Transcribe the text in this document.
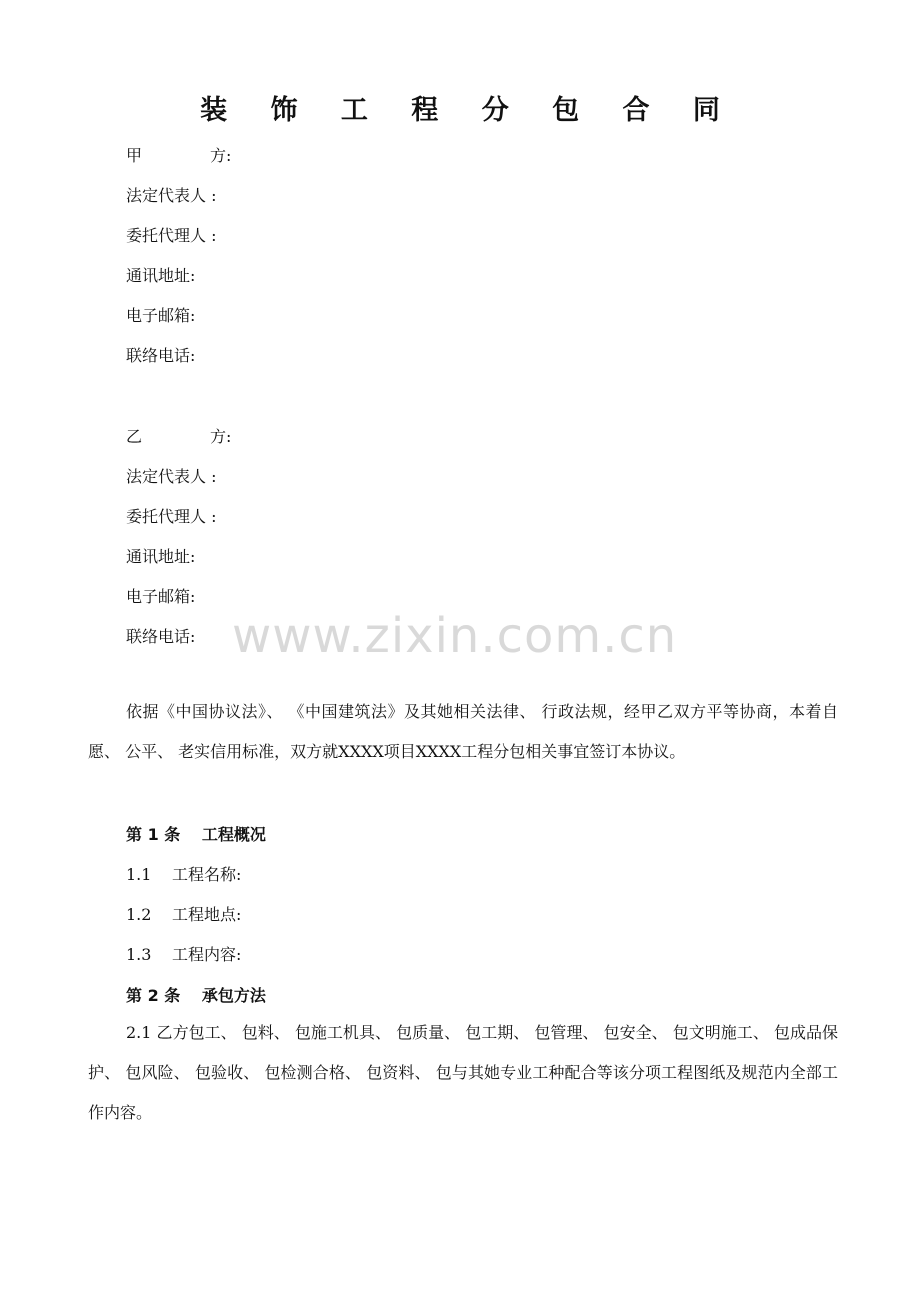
装 饰 工 程 分 包 合 同
甲	方:
法定代表人 :
委托代理人 :
通讯地址:
电子邮箱:
联络电话:
乙	方:
法定代表人 :
委托代理人 :
通讯地址:
电子邮箱:
联络电话: www.zixin.com.cn
依据《中国协议法》、 《中国建筑法》及其她相关法律、 行政法规，经甲乙双方平等协商，本着自愿、 公平、 老实信用标准，双方就XXXX项目XXXX工程分包相关事宜签订本协议。
第 1 条　 工程概况
1.1 工程名称:
1.2 工程地点:
1.3 工程内容:
第 2 条　 承包方法
2.1 乙方包工、 包料、 包施工机具、 包质量、 包工期、 包管理、 包安全、 包文明施工、 包成品保护、 包风险、 包验收、 包检测合格、 包资料、 包与其她专业工种配合等该分项工程图纸及规范内全部工作内容。
